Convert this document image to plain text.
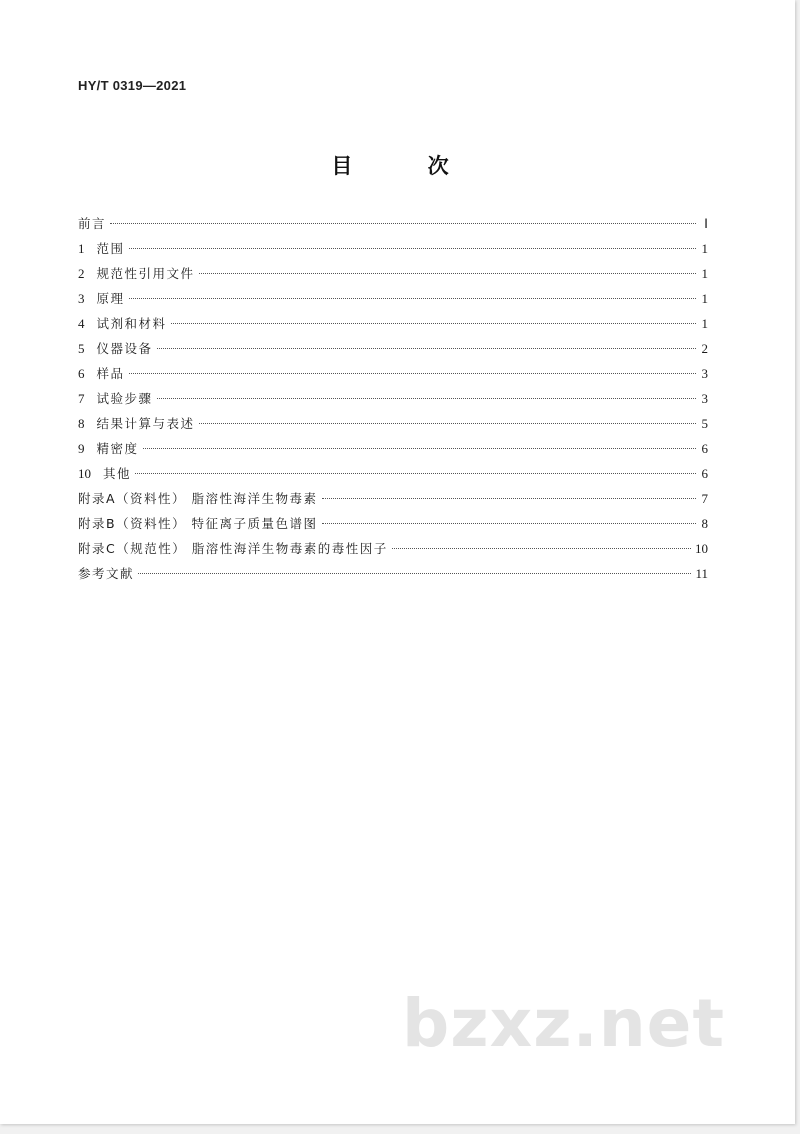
HY/T 0319—2021
目 次
前言	Ⅰ
1 范围	1
2 规范性引用文件	1
3 原理	1
4 试剂和材料	1
5 仪器设备	2
6 样品	3
7 试验步骤	3
8 结果计算与表述	5
9 精密度	6
10 其他	6
附录A（资料性） 脂溶性海洋生物毒素	7
附录B（资料性） 特征离子质量色谱图	8
附录C（规范性） 脂溶性海洋生物毒素的毒性因子	10
参考文献	11
bzxz.net
